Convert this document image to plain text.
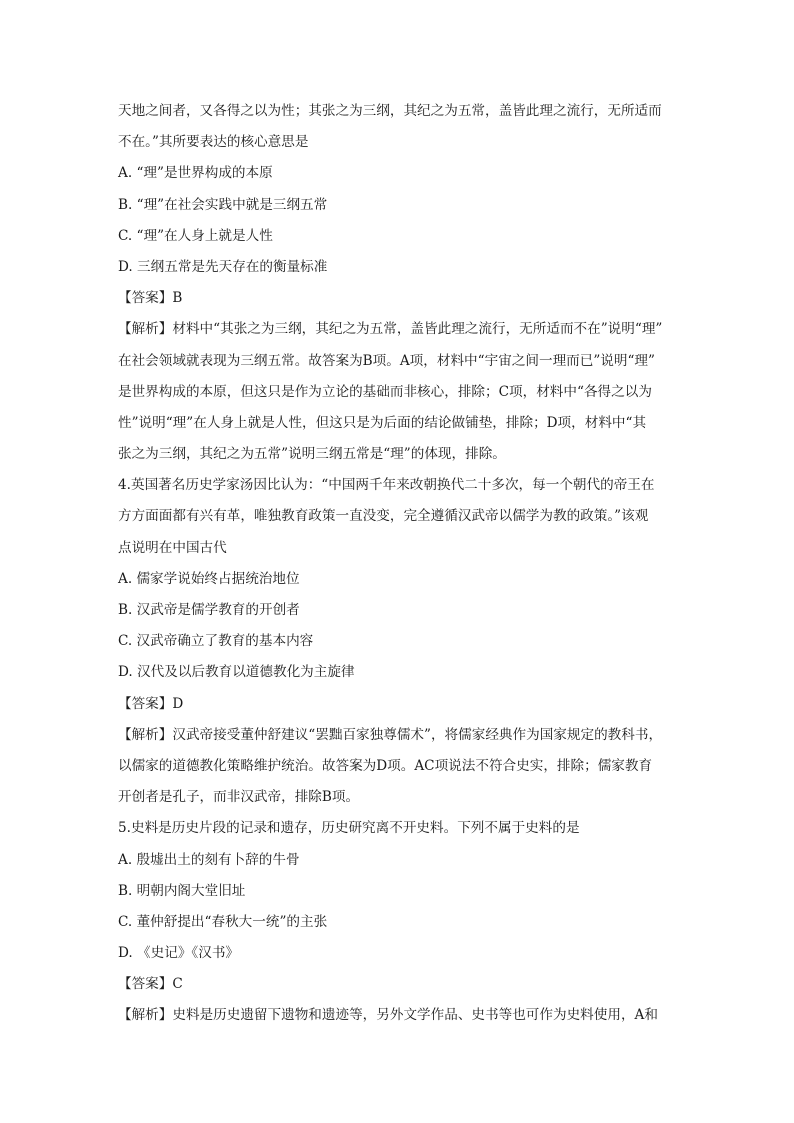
天地之间者，又各得之以为性；其张之为三纲，其纪之为五常，盖皆此理之流行，无所适而
不在。”其所要表达的核心意思是
A. “理”是世界构成的本原
B. “理”在社会实践中就是三纲五常
C. “理”在人身上就是人性
D. 三纲五常是先天存在的衡量标准
【答案】B
【解析】材料中“其张之为三纲，其纪之为五常，盖皆此理之流行，无所适而不在”说明“理”
在社会领域就表现为三纲五常。故答案为B项。A项，材料中“宇宙之间一理而已”说明“理”
是世界构成的本原，但这只是作为立论的基础而非核心，排除；C项，材料中“各得之以为
性”说明“理”在人身上就是人性，但这只是为后面的结论做铺垫，排除；D项，材料中“其
张之为三纲，其纪之为五常”说明三纲五常是“理”的体现，排除。
4.英国著名历史学家汤因比认为：“中国两千年来改朝换代二十多次，每一个朝代的帝王在
方方面面都有兴有革，唯独教育政策一直没变，完全遵循汉武帝以儒学为教的政策。”该观
点说明在中国古代
A. 儒家学说始终占据统治地位
B. 汉武帝是儒学教育的开创者
C. 汉武帝确立了教育的基本内容
D. 汉代及以后教育以道德教化为主旋律
【答案】D
【解析】汉武帝接受董仲舒建议“罢黜百家独尊儒术”，将儒家经典作为国家规定的教科书，
以儒家的道德教化策略维护统治。故答案为D项。AC项说法不符合史实，排除；儒家教育
开创者是孔子，而非汉武帝，排除B项。
5.史料是历史片段的记录和遗存，历史研究离不开史料。下列不属于史料的是
A. 殷墟出土的刻有卜辞的牛骨
B. 明朝内阁大堂旧址
C. 董仲舒提出“春秋大一统”的主张
D. 《史记》《汉书》
【答案】C
【解析】史料是历史遗留下遗物和遗迹等，另外文学作品、史书等也可作为史料使用，A和
